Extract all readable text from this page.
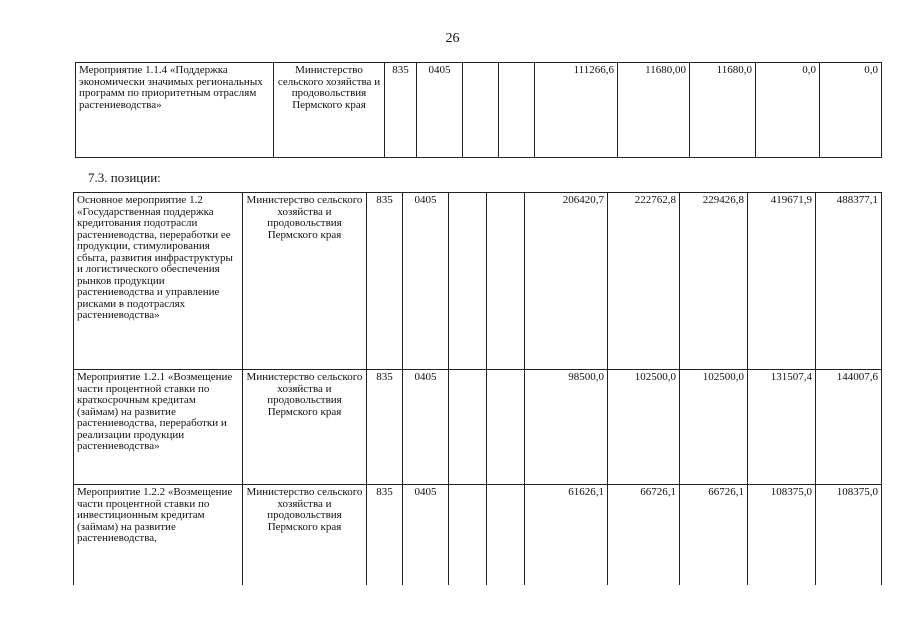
26
Мероприятие 1.1.4 «Поддержка экономически значимых региональных программ по приоритетным отраслям растениеводства»	Министерство сельского хозяйства и продовольствия Пермского края	835	0405			111266,6	11680,00	11680,0	0,0	0,0
7.3. позиции:
Основное мероприятие 1.2 «Государственная поддержка кредитования подотрасли растениеводства, переработки ее продукции, стимулирования сбыта, развития инфраструктуры и логистического обеспечения рынков продукции растениеводства и управление рисками в подотраслях растениеводства»	Министерство сельского хозяйства и продовольствия Пермского края	835	0405			206420,7	222762,8	229426,8	419671,9	488377,1
Мероприятие 1.2.1 «Возмещение части процентной ставки по краткосрочным кредитам (займам) на развитие растениеводства, переработки и реализации продукции растениеводства»	Министерство сельского хозяйства и продовольствия Пермского края	835	0405			98500,0	102500,0	102500,0	131507,4	144007,6
Мероприятие 1.2.2 «Возмещение части процентной ставки по инвестиционным кредитам (займам) на развитие растениеводства,	Министерство сельского хозяйства и продовольствия Пермского края	835	0405			61626,1	66726,1	66726,1	108375,0	108375,0
